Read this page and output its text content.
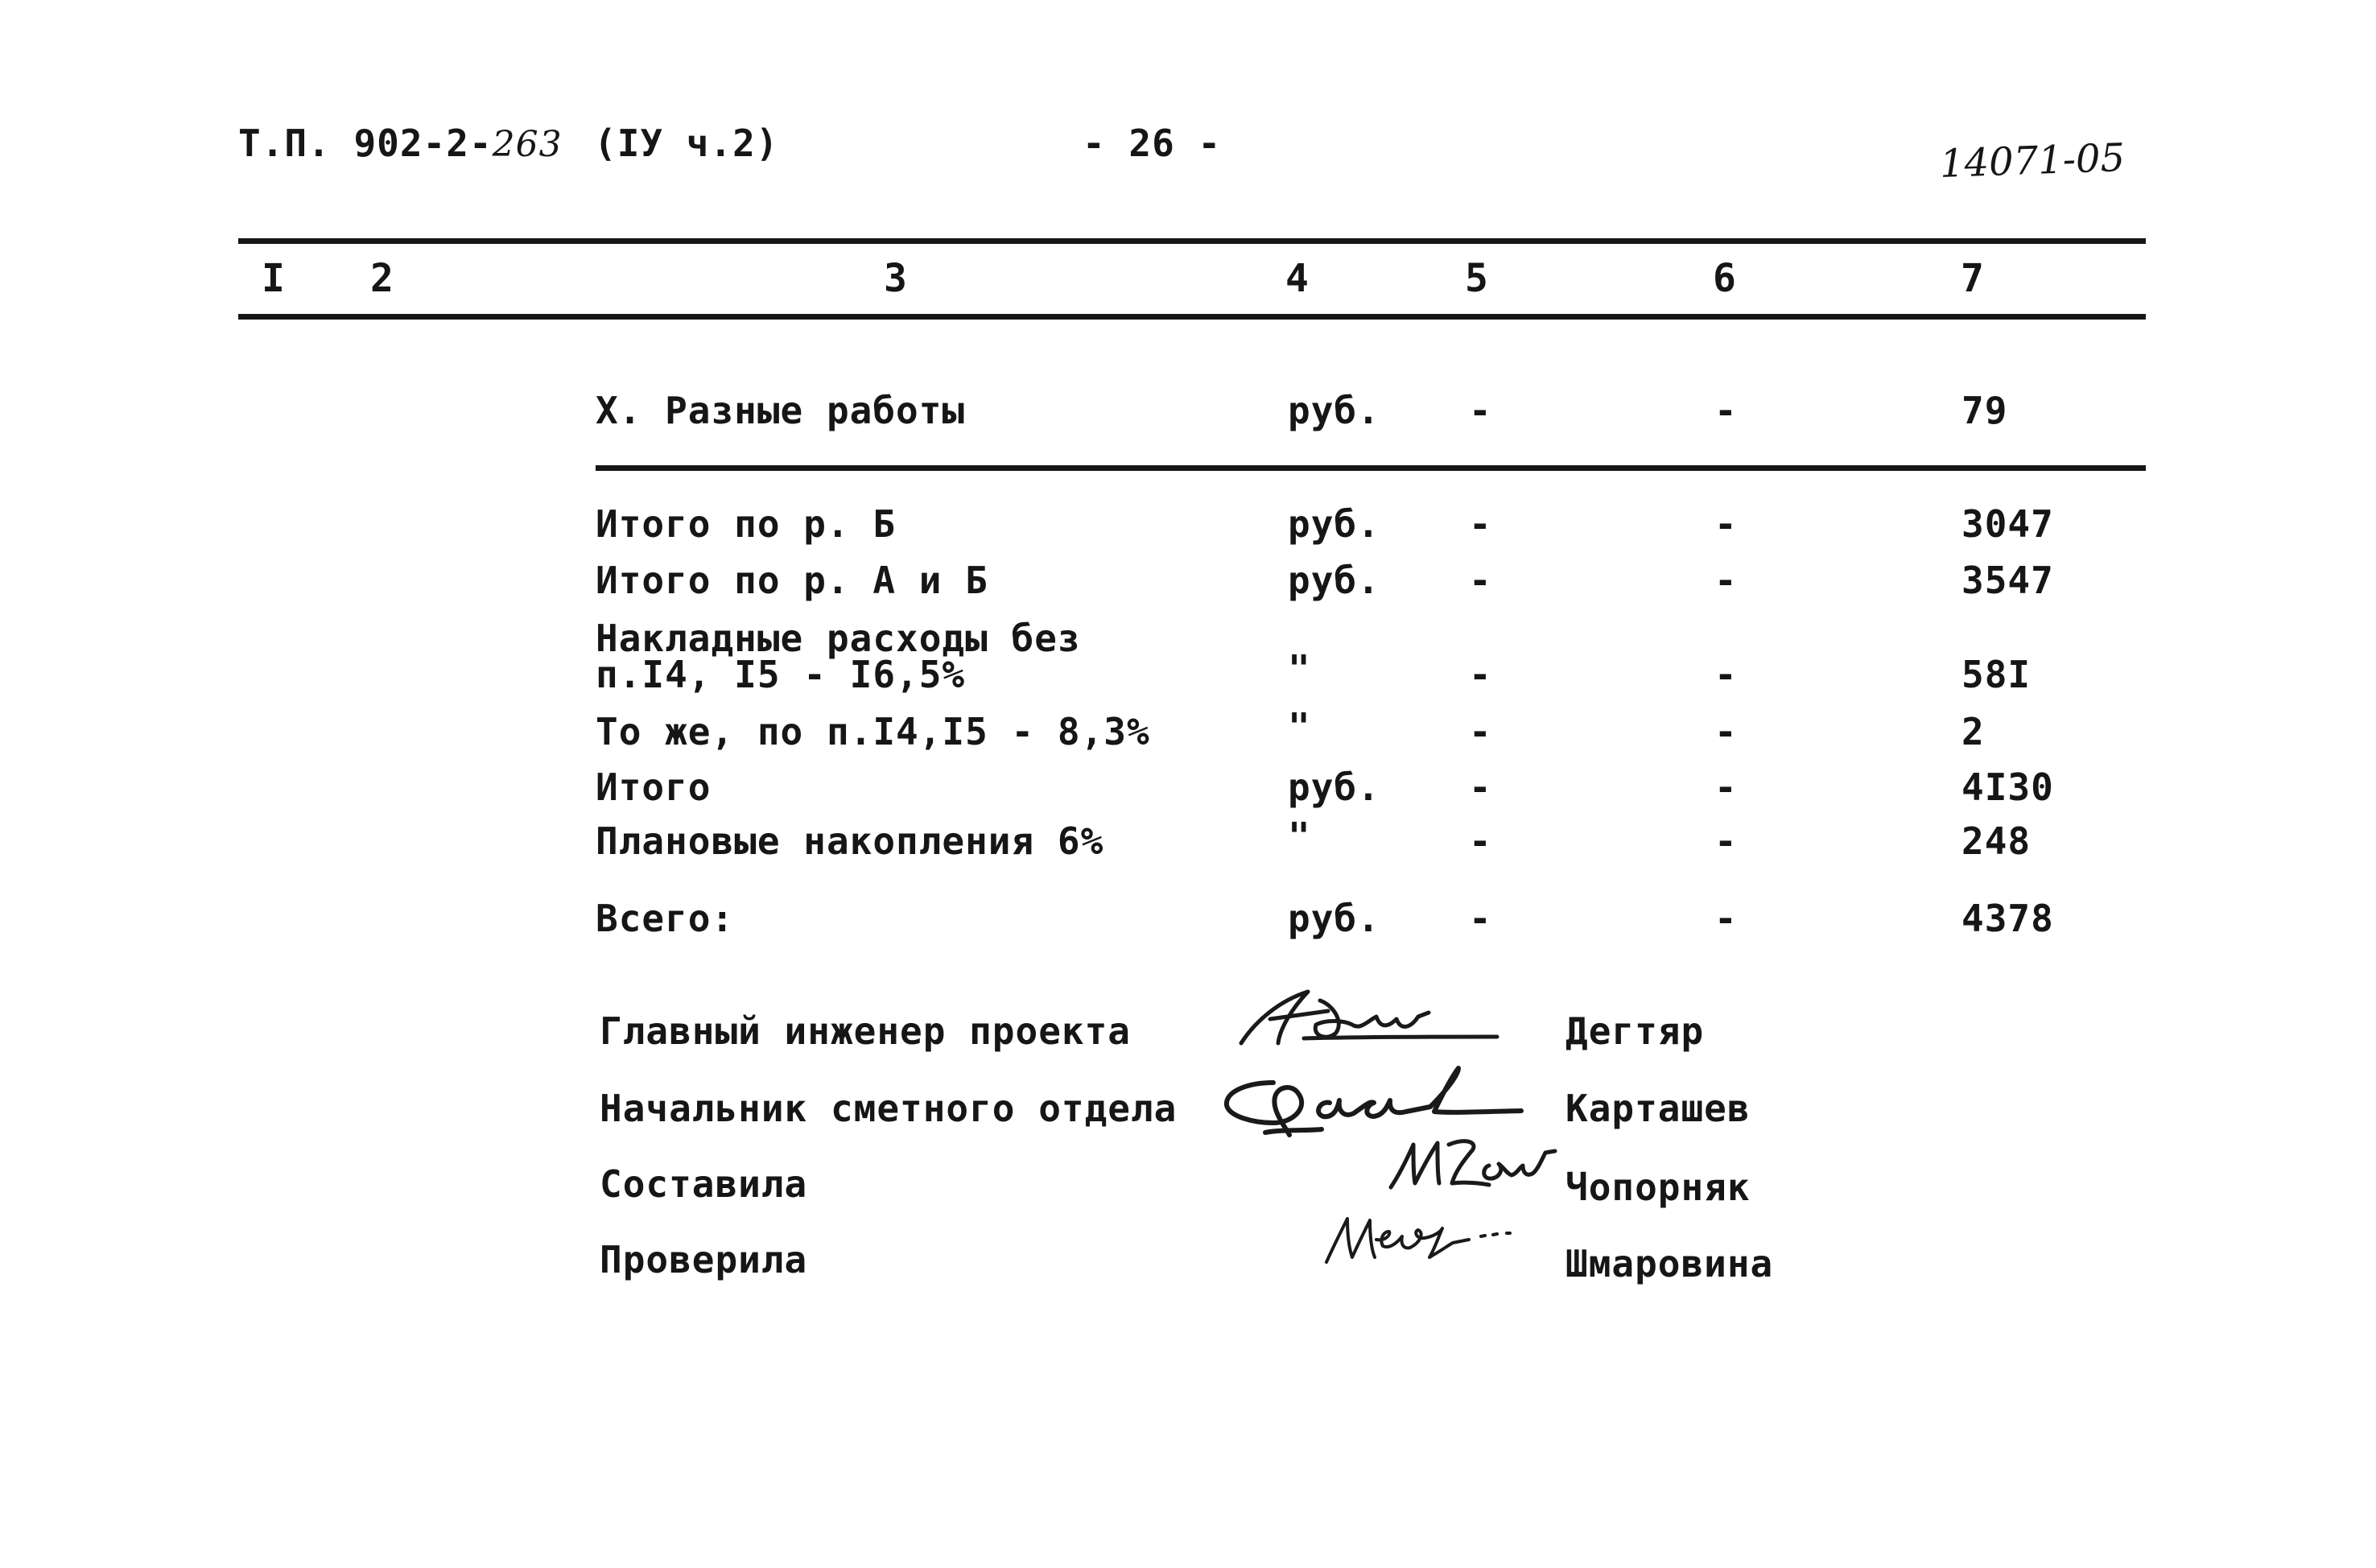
Т.П. 902-2-263 (IУ ч.2)	- 26 -	14071-05
I 2	3	4	5	6	7
Х. Разные работы	руб. -	-	79
Итого по р. Б	руб. -	-	3047
Итого по р. А и Б	руб. -	-	3547
Накладные расходы без
п.I4, I5 - I6,5%	"	-	-	58I
То же, по п.I4,I5 - 8,3%	"	-	-	2
Итого	руб. -	-	4I30
Плановые накопления 6%	"	-	-	248
Всего:	руб. -	-	4378
Главный инженер проекта	Дегтяр
Начальник сметного отдела	Карташев
Составила	Чопорняк
Проверила	Шмаровина
